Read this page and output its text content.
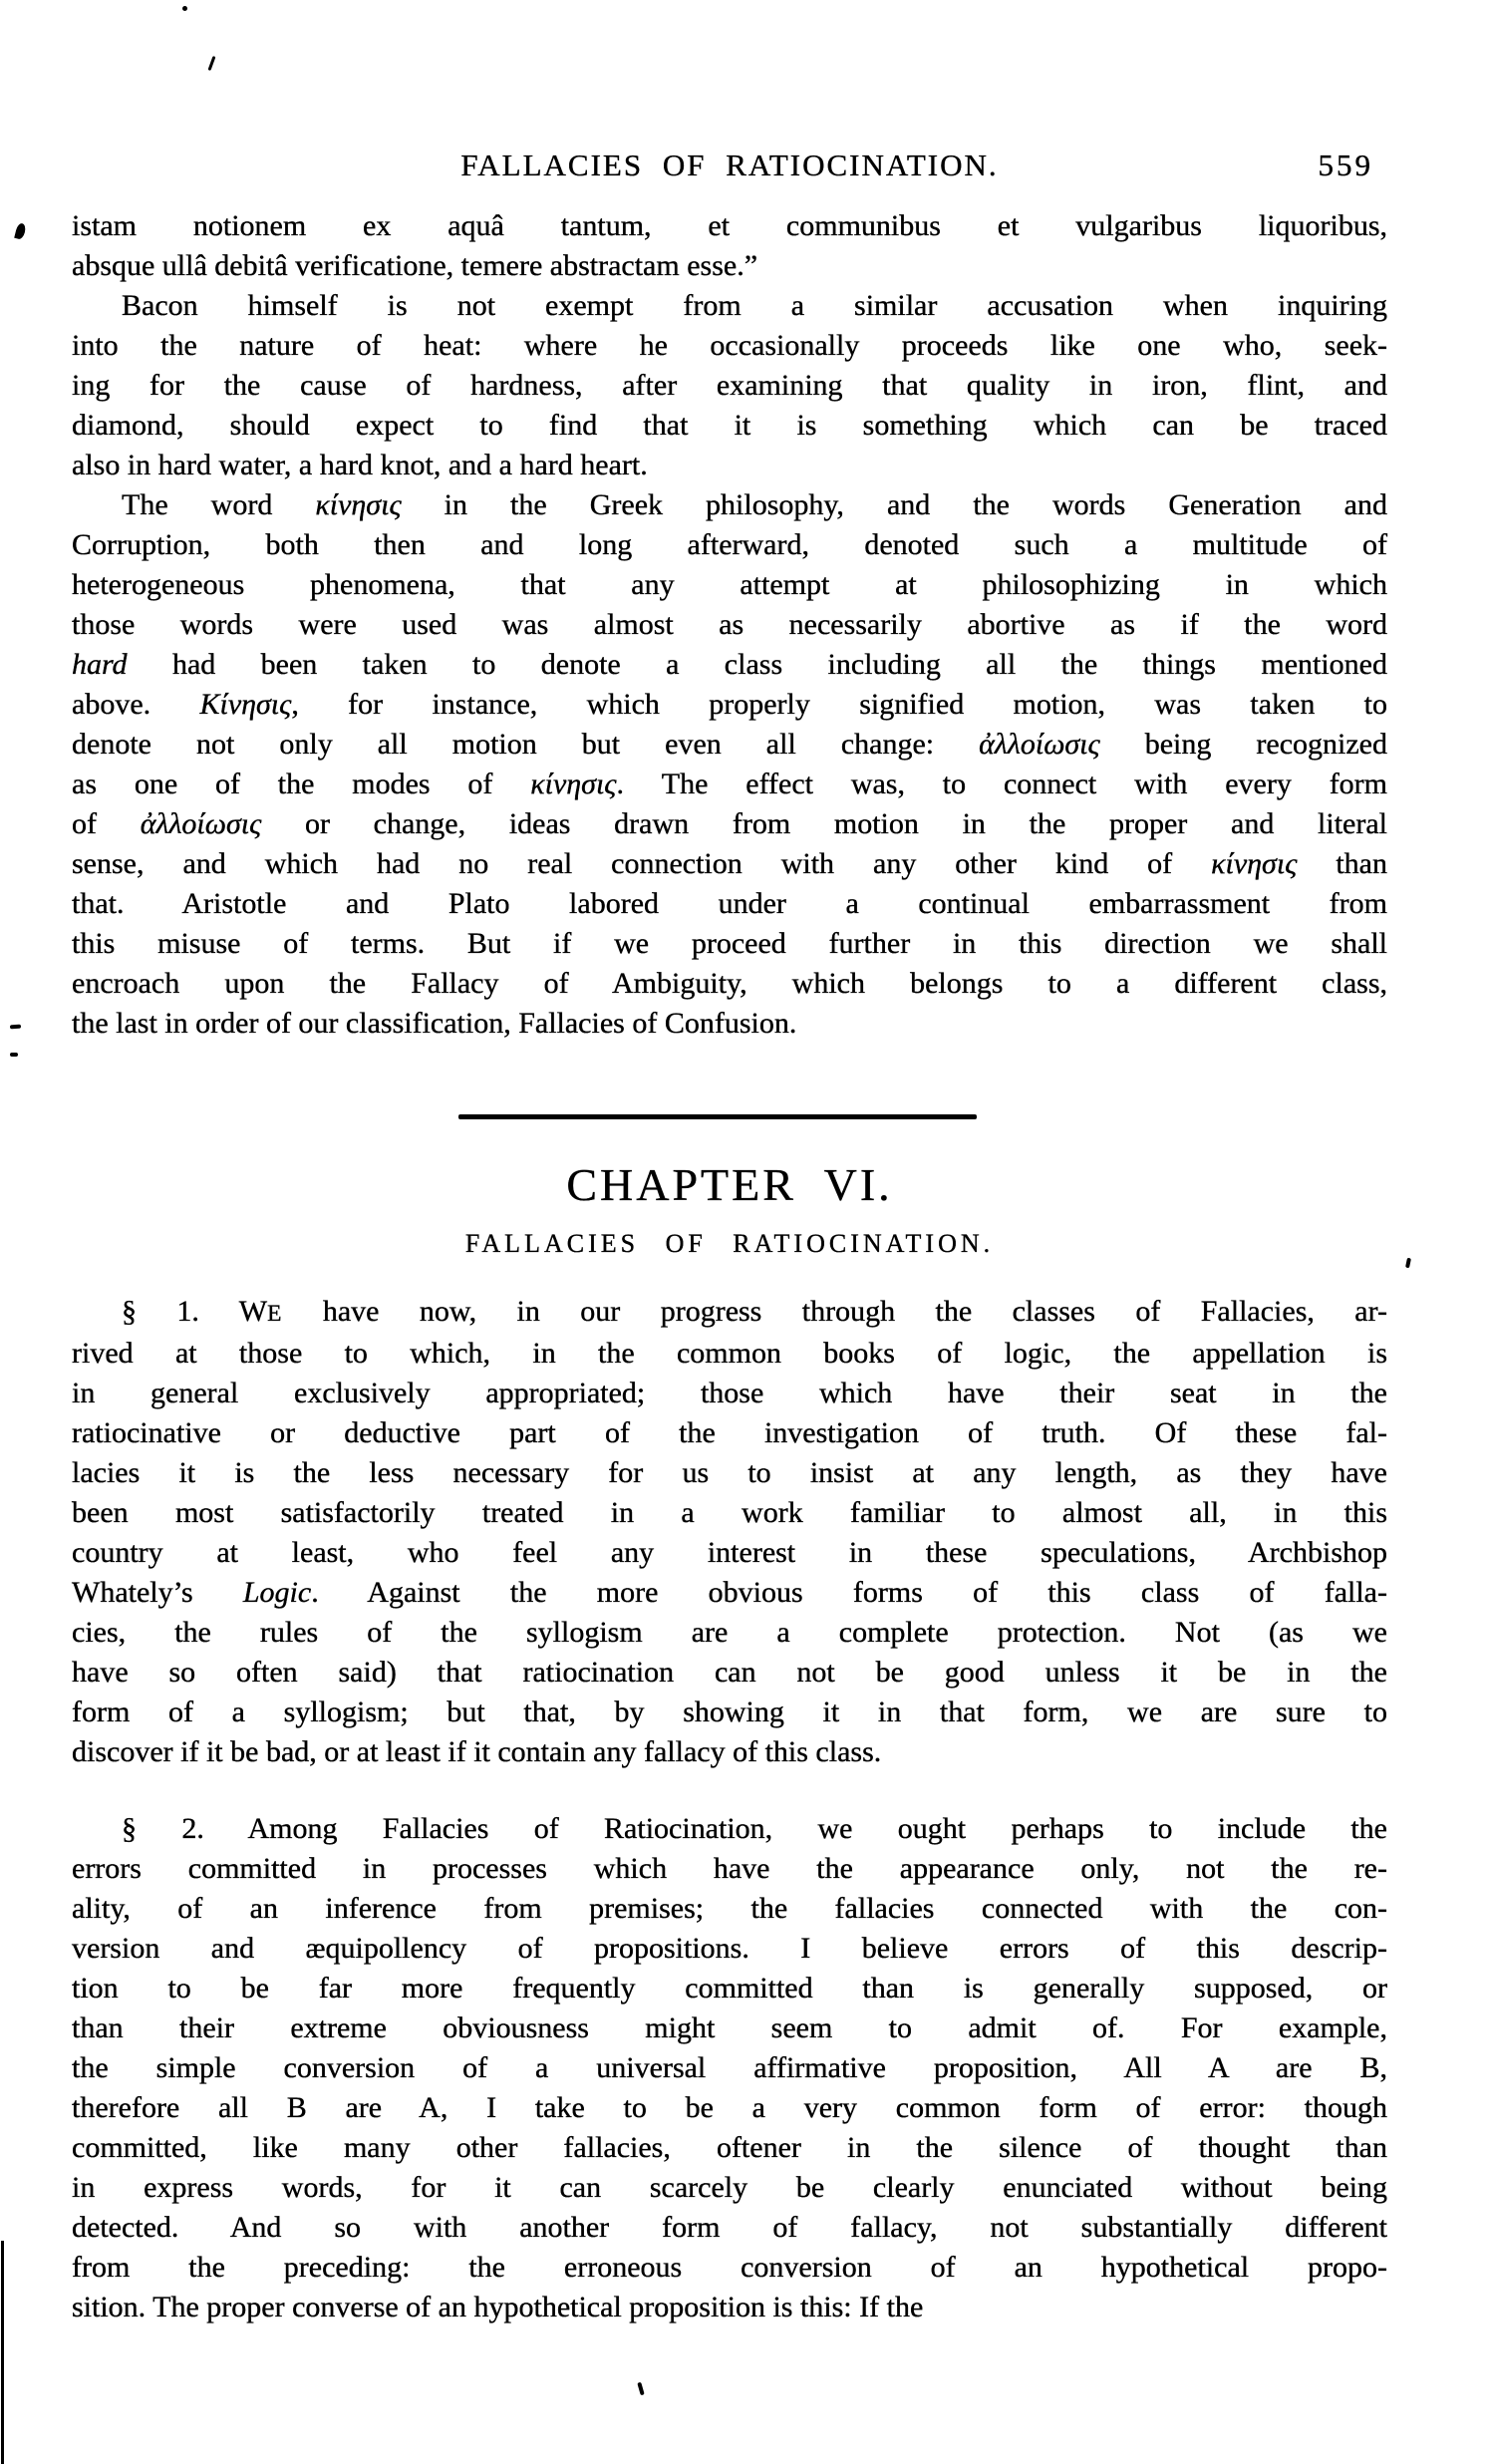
FALLACIES OF RATIOCINATION.	559
istam notionem ex aquâ tantum, et communibus et vulgaribus liquoribus,
absque ullâ debitâ verificatione, temere abstractam esse.”
Bacon himself is not exempt from a similar accusation when inquiring
into the nature of heat: where he occasionally proceeds like one who, seek-
ing for the cause of hardness, after examining that quality in iron, flint, and
diamond, should expect to find that it is something which can be traced
also in hard water, a hard knot, and a hard heart.
The word κίνησις in the Greek philosophy, and the words Generation and
Corruption, both then and long afterward, denoted such a multitude of
heterogeneous phenomena, that any attempt at philosophizing in which
those words were used was almost as necessarily abortive as if the word
hard had been taken to denote a class including all the things mentioned
above. Κίνησις, for instance, which properly signified motion, was taken to
denote not only all motion but even all change: ἀλλοίωσις being recognized
as one of the modes of κίνησις. The effect was, to connect with every form
of ἀλλοίωσις or change, ideas drawn from motion in the proper and literal
sense, and which had no real connection with any other kind of κίνησις than
that. Aristotle and Plato labored under a continual embarrassment from
this misuse of terms. But if we proceed further in this direction we shall
encroach upon the Fallacy of Ambiguity, which belongs to a different class,
the last in order of our classification, Fallacies of Confusion.
CHAPTER VI.
FALLACIES OF RATIOCINATION.
§ 1. WE have now, in our progress through the classes of Fallacies, ar-
rived at those to which, in the common books of logic, the appellation is
in general exclusively appropriated; those which have their seat in the
ratiocinative or deductive part of the investigation of truth. Of these fal-
lacies it is the less necessary for us to insist at any length, as they have
been most satisfactorily treated in a work familiar to almost all, in this
country at least, who feel any interest in these speculations, Archbishop
Whately’s Logic. Against the more obvious forms of this class of falla-
cies, the rules of the syllogism are a complete protection. Not (as we
have so often said) that ratiocination can not be good unless it be in the
form of a syllogism; but that, by showing it in that form, we are sure to
discover if it be bad, or at least if it contain any fallacy of this class.
§ 2. Among Fallacies of Ratiocination, we ought perhaps to include the
errors committed in processes which have the appearance only, not the re-
ality, of an inference from premises; the fallacies connected with the con-
version and æquipollency of propositions. I believe errors of this descrip-
tion to be far more frequently committed than is generally supposed, or
than their extreme obviousness might seem to admit of. For example,
the simple conversion of a universal affirmative proposition, All A are B,
therefore all B are A, I take to be a very common form of error: though
committed, like many other fallacies, oftener in the silence of thought than
in express words, for it can scarcely be clearly enunciated without being
detected. And so with another form of fallacy, not substantially different
from the preceding: the erroneous conversion of an hypothetical propo-
sition. The proper converse of an hypothetical proposition is this: If the
